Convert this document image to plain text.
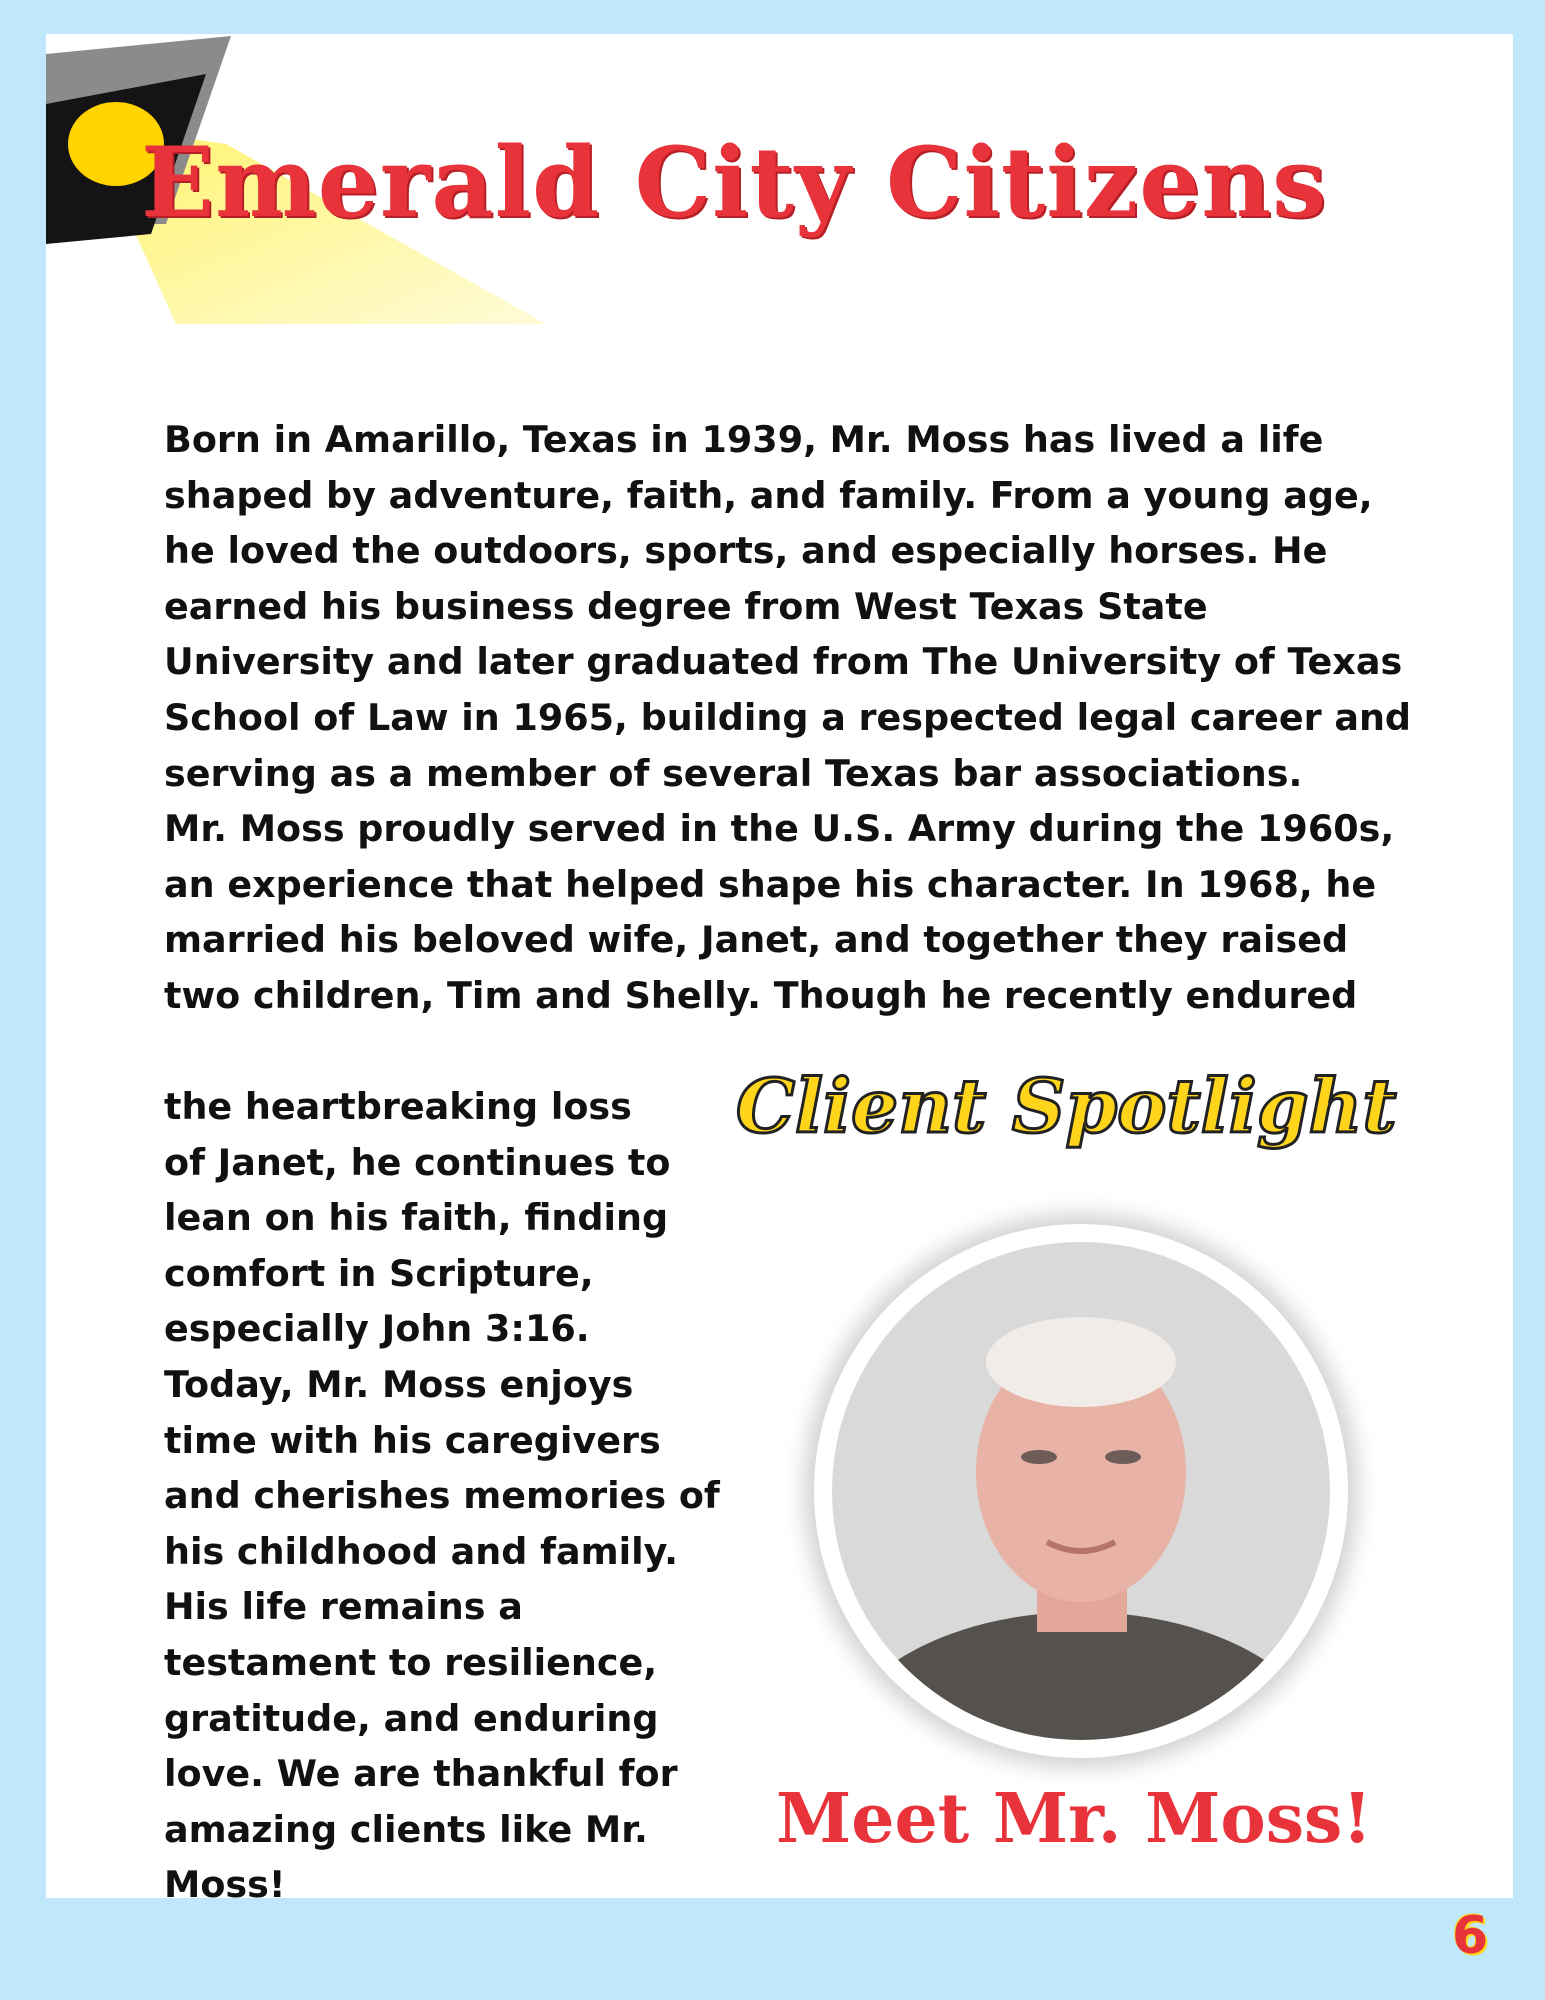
Emerald City Citizens
Born in Amarillo, Texas in 1939, Mr. Moss has lived a life
shaped by adventure, faith, and family. From a young age,
he loved the outdoors, sports, and especially horses. He
earned his business degree from West Texas State
University and later graduated from The University of Texas
School of Law in 1965, building a respected legal career and
serving as a member of several Texas bar associations.
Mr. Moss proudly served in the U.S. Army during the 1960s,
an experience that helped shape his character. In 1968, he
married his beloved wife, Janet, and together they raised
two children, Tim and Shelly. Though he recently endured
the heartbreaking loss
of Janet, he continues to
lean on his faith, finding
comfort in Scripture,
especially John 3:16.
Today, Mr. Moss enjoys
time with his caregivers
and cherishes memories of
his childhood and family.
His life remains a
testament to resilience,
gratitude, and enduring
love. We are thankful for
amazing clients like Mr.
Moss!
Client Spotlight
Meet Mr. Moss!
6
